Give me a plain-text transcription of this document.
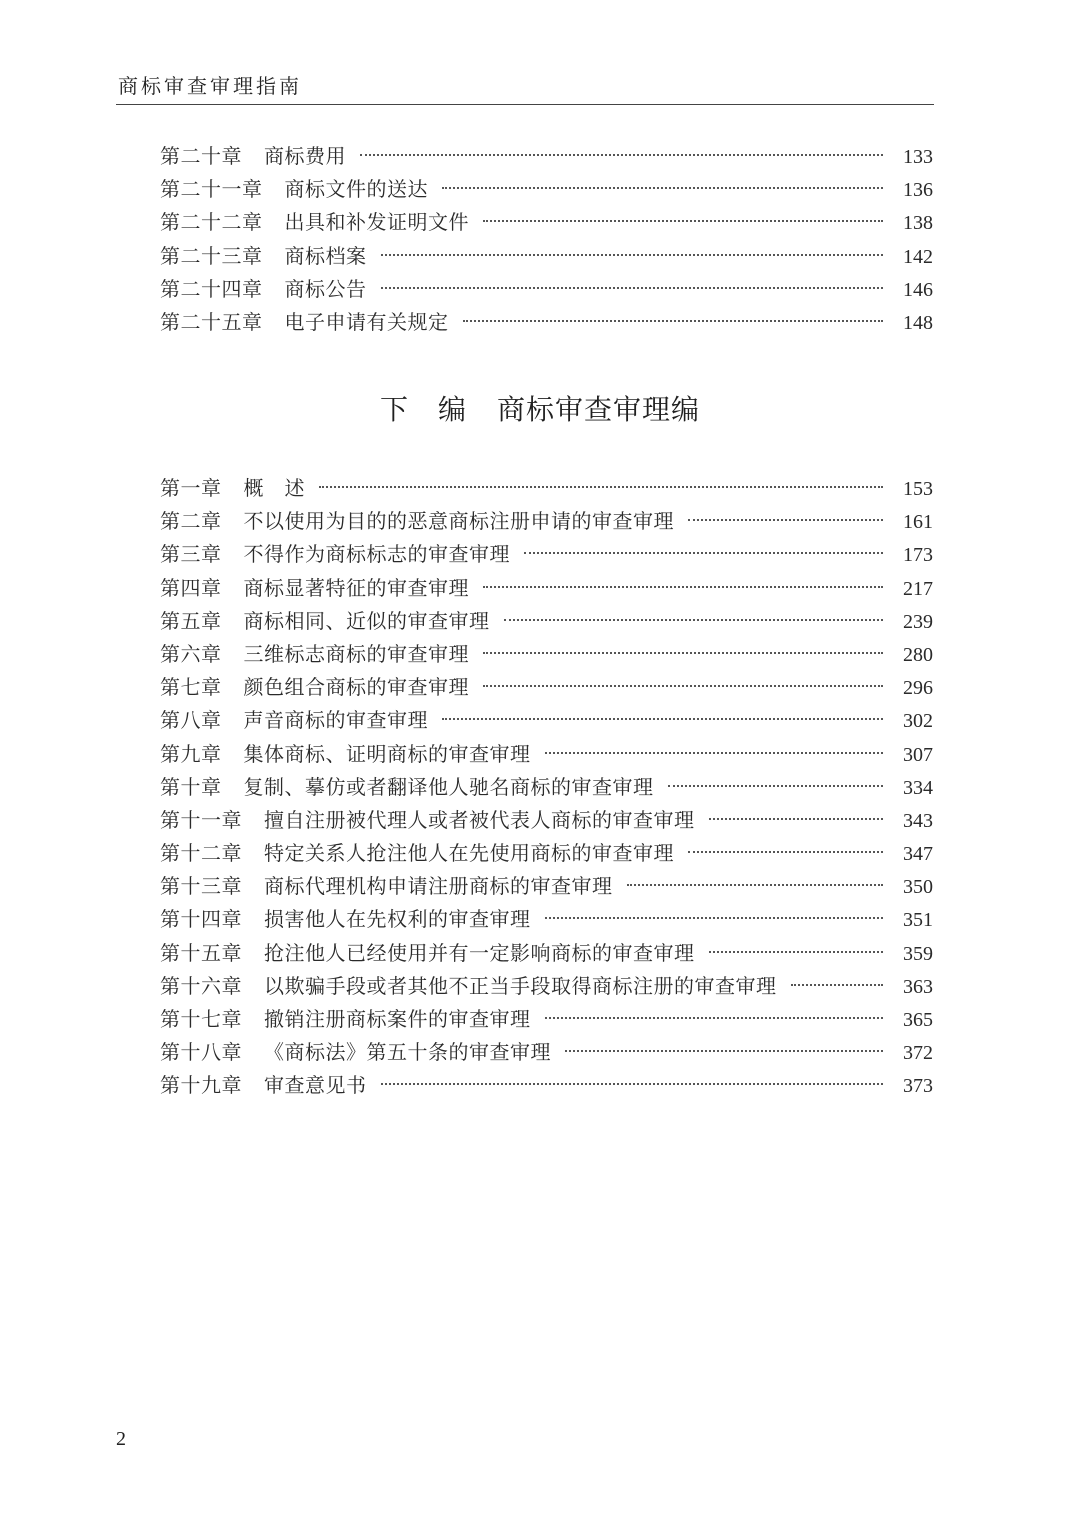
商标审查审理指南
第二十章 商标费用	133
第二十一章 商标文件的送达	136
第二十二章 出具和补发证明文件	138
第二十三章 商标档案	142
第二十四章 商标公告	146
第二十五章 电子申请有关规定	148
下　编 商标审查审理编
第一章 概　述	153
第二章 不以使用为目的的恶意商标注册申请的审查审理	161
第三章 不得作为商标标志的审查审理	173
第四章 商标显著特征的审查审理	217
第五章 商标相同、近似的审查审理	239
第六章 三维标志商标的审查审理	280
第七章 颜色组合商标的审查审理	296
第八章 声音商标的审查审理	302
第九章 集体商标、证明商标的审查审理	307
第十章 复制、摹仿或者翻译他人驰名商标的审查审理	334
第十一章 擅自注册被代理人或者被代表人商标的审查审理	343
第十二章 特定关系人抢注他人在先使用商标的审查审理	347
第十三章 商标代理机构申请注册商标的审查审理	350
第十四章 损害他人在先权利的审查审理	351
第十五章 抢注他人已经使用并有一定影响商标的审查审理	359
第十六章 以欺骗手段或者其他不正当手段取得商标注册的审查审理	363
第十七章 撤销注册商标案件的审查审理	365
第十八章 《商标法》第五十条的审查审理	372
第十九章 审查意见书	373
2
